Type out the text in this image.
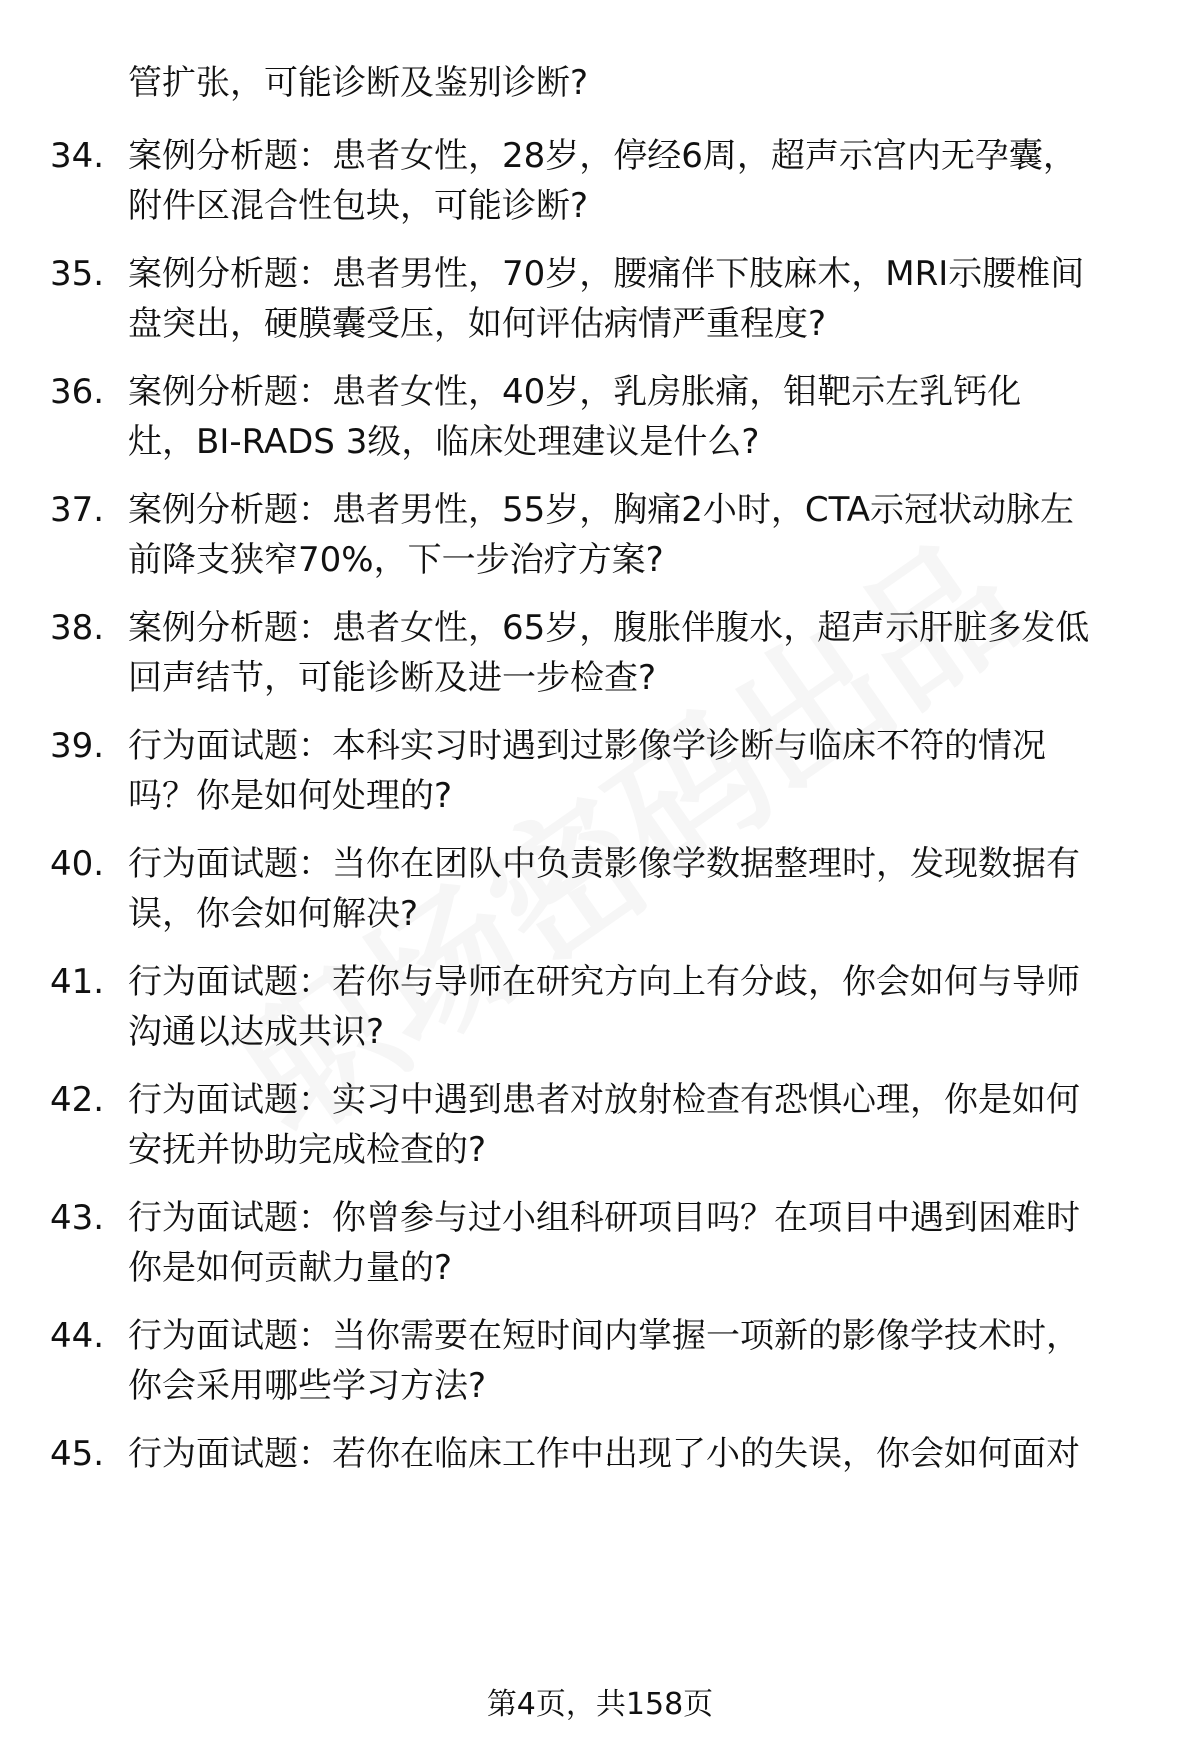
管扩张，可能诊断及鉴别诊断?
34. 案例分析题：患者女性，28岁，停经6周，超声示宫内无孕囊，
附件区混合性包块，可能诊断?
35. 案例分析题：患者男性，70岁，腰痛伴下肢麻木，MRI示腰椎间
盘突出，硬膜囊受压，如何评估病情严重程度?
36. 案例分析题：患者女性，40岁，乳房胀痛，钼靶示左乳钙化
灶，BI-RADS 3级，临床处理建议是什么?
37. 案例分析题：患者男性，55岁，胸痛2小时，CTA示冠状动脉左
前降支狭窄70%，下一步治疗方案?
38. 案例分析题：患者女性，65岁，腹胀伴腹水，超声示肝脏多发低
回声结节，可能诊断及进一步检查?
39. 行为面试题：本科实习时遇到过影像学诊断与临床不符的情况
吗？你是如何处理的?
40. 行为面试题：当你在团队中负责影像学数据整理时，发现数据有
误，你会如何解决?
41. 行为面试题：若你与导师在研究方向上有分歧，你会如何与导师
沟通以达成共识?
42. 行为面试题：实习中遇到患者对放射检查有恐惧心理，你是如何
安抚并协助完成检查的?
43. 行为面试题：你曾参与过小组科研项目吗？在项目中遇到困难时
你是如何贡献力量的?
44. 行为面试题：当你需要在短时间内掌握一项新的影像学技术时，
你会采用哪些学习方法?
45. 行为面试题：若你在临床工作中出现了小的失误，你会如何面对
第4页，共158页
